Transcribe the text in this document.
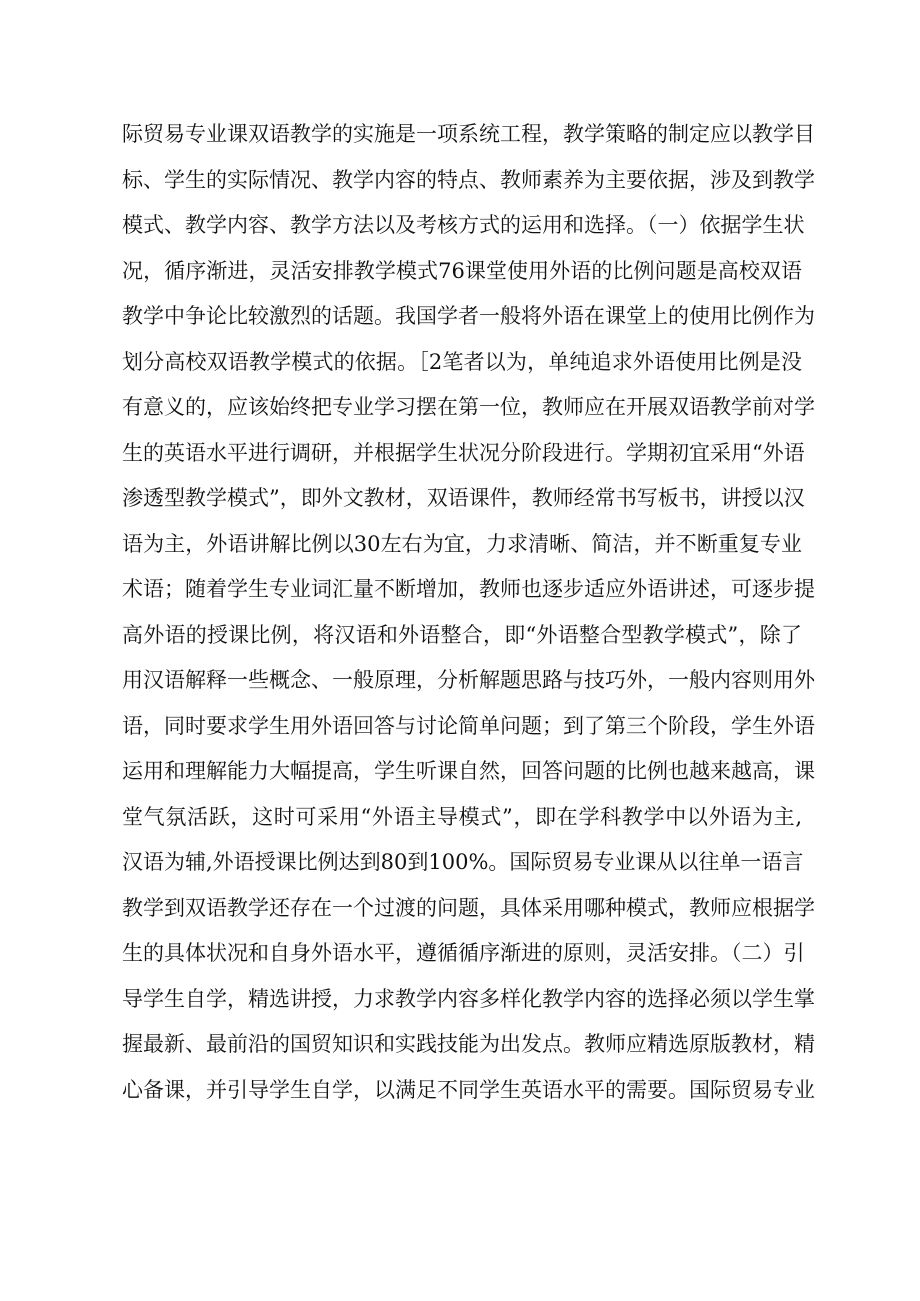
际贸易专业课双语教学的实施是一项系统工程，教学策略的制定应以教学目
标、学生的实际情况、教学内容的特点、教师素养为主要依据，涉及到教学
模式、教学内容、教学方法以及考核方式的运用和选择。（一）依据学生状
况，循序渐进，灵活安排教学模式76课堂使用外语的比例问题是高校双语
教学中争论比较激烈的话题。我国学者一般将外语在课堂上的使用比例作为
划分高校双语教学模式的依据。［2笔者以为，单纯追求外语使用比例是没
有意义的，应该始终把专业学习摆在第一位，教师应在开展双语教学前对学
生的英语水平进行调研，并根据学生状况分阶段进行。学期初宜采用“外语
渗透型教学模式”，即外文教材，双语课件，教师经常书写板书，讲授以汉
语为主，外语讲解比例以30左右为宜，力求清晰、简洁，并不断重复专业
术语；随着学生专业词汇量不断增加，教师也逐步适应外语讲述，可逐步提
高外语的授课比例，将汉语和外语整合，即“外语整合型教学模式”，除了
用汉语解释一些概念、一般原理，分析解题思路与技巧外，一般内容则用外
语，同时要求学生用外语回答与讨论简单问题；到了第三个阶段，学生外语
运用和理解能力大幅提高，学生听课自然，回答问题的比例也越来越高，课
堂气氛活跃，这时可采用“外语主导模式”，即在学科教学中以外语为主,
汉语为辅,外语授课比例达到80到100%。国际贸易专业课从以往单一语言
教学到双语教学还存在一个过渡的问题，具体采用哪种模式，教师应根据学
生的具体状况和自身外语水平，遵循循序渐进的原则，灵活安排。（二）引
导学生自学，精选讲授，力求教学内容多样化教学内容的选择必须以学生掌
握最新、最前沿的国贸知识和实践技能为出发点。教师应精选原版教材，精
心备课，并引导学生自学，以满足不同学生英语水平的需要。国际贸易专业
